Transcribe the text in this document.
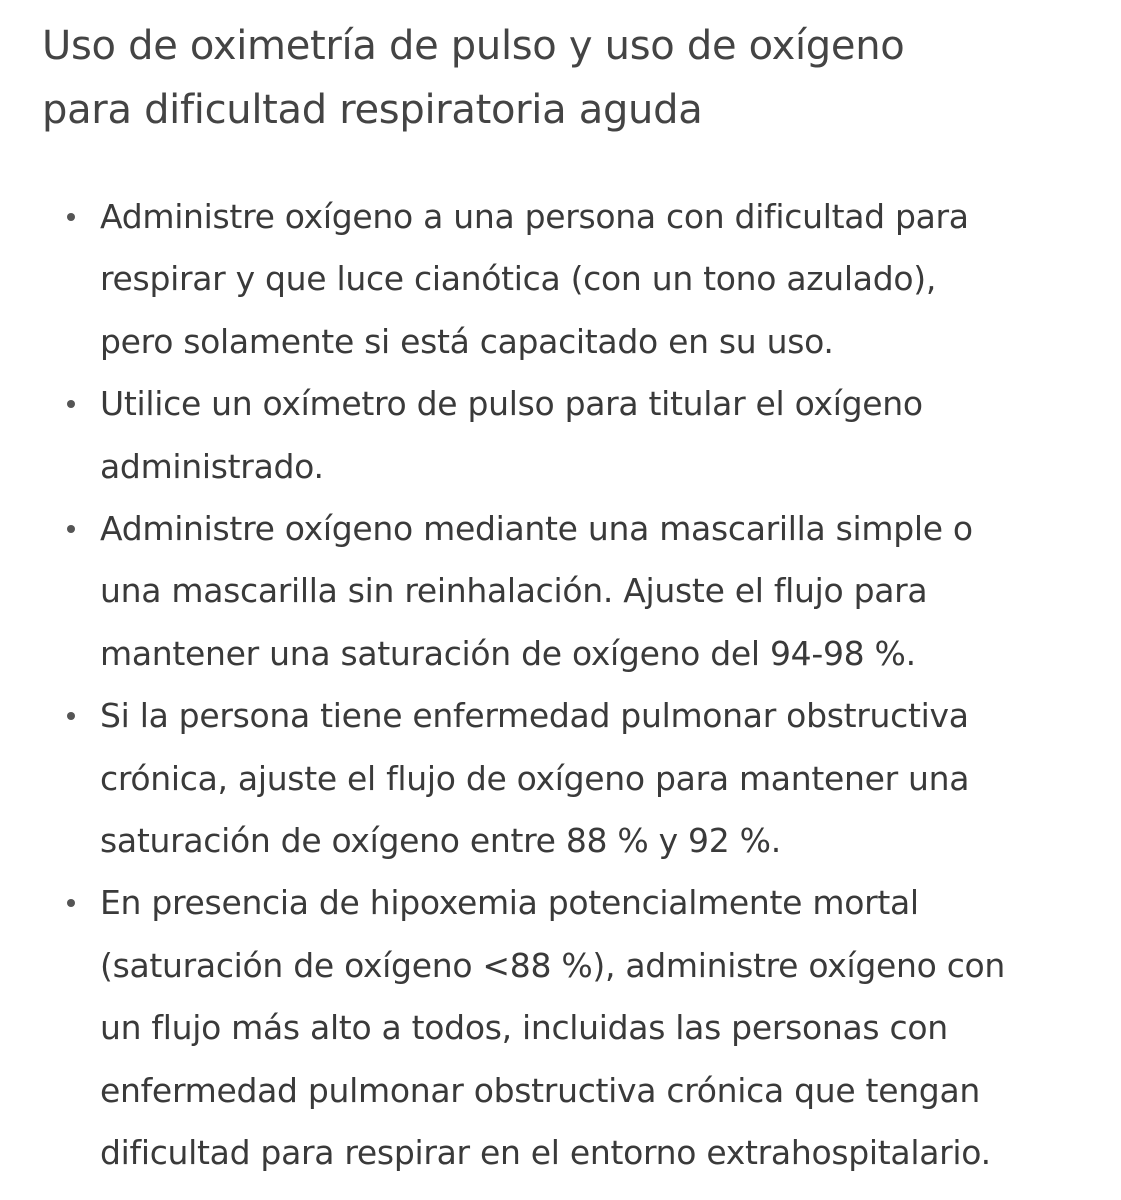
Uso de oximetría de pulso y uso de oxígeno
para dificultad respiratoria aguda
Administre oxígeno a una persona con dificultad para
respirar y que luce cianótica (con un tono azulado),
pero solamente si está capacitado en su uso.
Utilice un oxímetro de pulso para titular el oxígeno
administrado.
Administre oxígeno mediante una mascarilla simple o
una mascarilla sin reinhalación. Ajuste el flujo para
mantener una saturación de oxígeno del 94-98 %.
Si la persona tiene enfermedad pulmonar obstructiva
crónica, ajuste el flujo de oxígeno para mantener una
saturación de oxígeno entre 88 % y 92 %.
En presencia de hipoxemia potencialmente mortal
(saturación de oxígeno <88 %), administre oxígeno con
un flujo más alto a todos, incluidas las personas con
enfermedad pulmonar obstructiva crónica que tengan
dificultad para respirar en el entorno extrahospitalario.
